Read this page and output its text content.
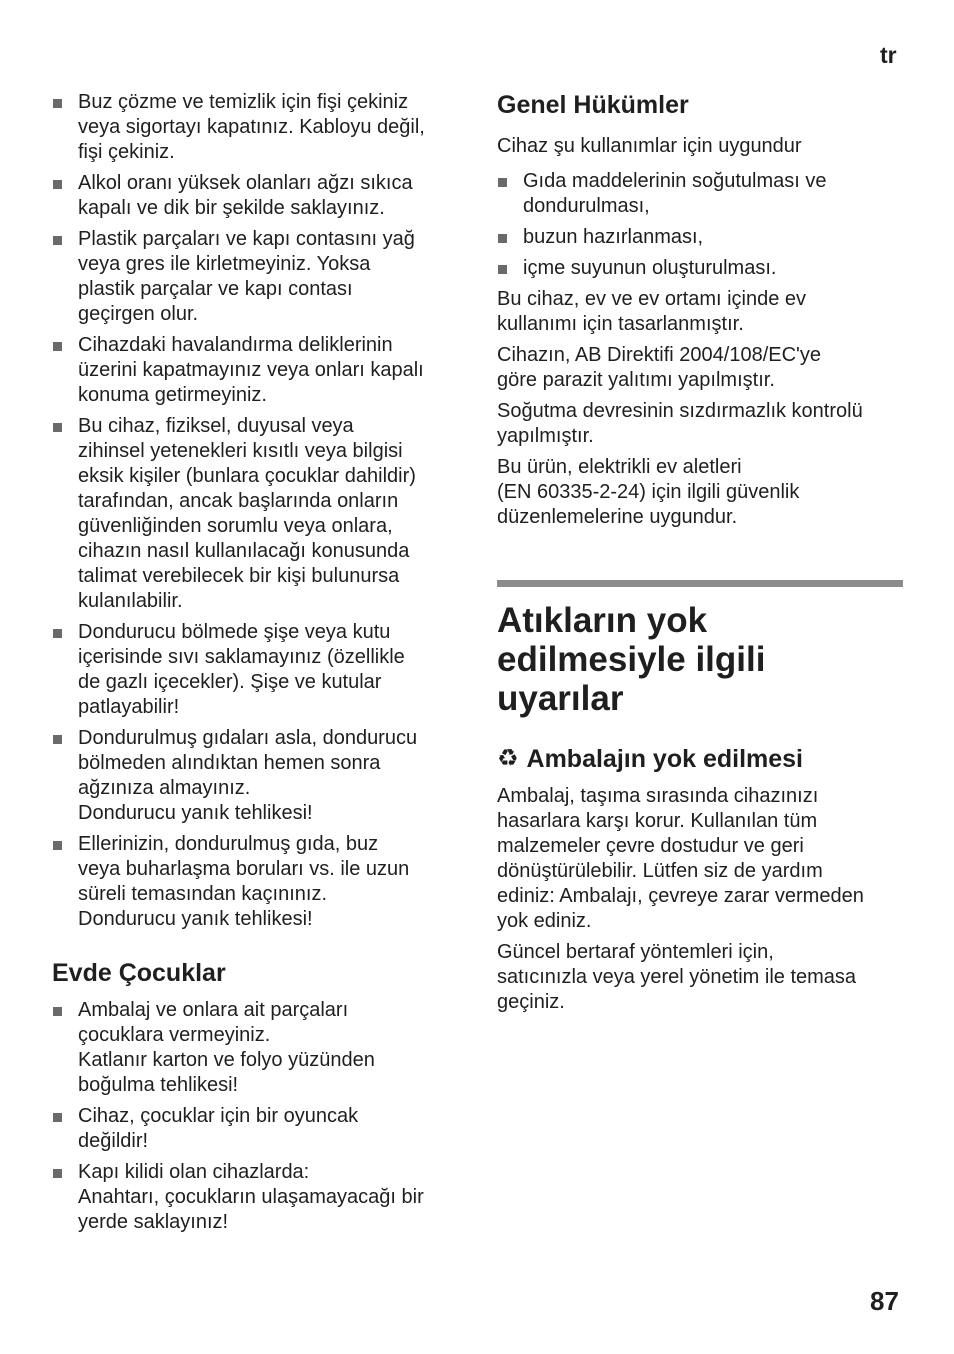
tr
Buz çözme ve temizlik için fişi çekiniz
veya sigortayı kapatınız. Kabloyu değil,
fişi çekiniz.
Alkol oranı yüksek olanları ağzı sıkıca
kapalı ve dik bir şekilde saklayınız.
Plastik parçaları ve kapı contasını yağ
veya gres ile kirletmeyiniz. Yoksa
plastik parçalar ve kapı contası
geçirgen olur.
Cihazdaki havalandırma deliklerinin
üzerini kapatmayınız veya onları kapalı
konuma getirmeyiniz.
Bu cihaz, fiziksel, duyusal veya
zihinsel yetenekleri kısıtlı veya bilgisi
eksik kişiler (bunlara çocuklar dahildir)
tarafından, ancak başlarında onların
güvenliğinden sorumlu veya onlara,
cihazın nasıl kullanılacağı konusunda
talimat verebilecek bir kişi bulunursa
kulanılabilir.
Dondurucu bölmede şişe veya kutu
içerisinde sıvı saklamayınız (özellikle
de gazlı içecekler). Şişe ve kutular
patlayabilir!
Dondurulmuş gıdaları asla, dondurucu
bölmeden alındıktan hemen sonra
ağzınıza almayınız.
Dondurucu yanık tehlikesi!
Ellerinizin, dondurulmuş gıda, buz
veya buharlaşma boruları vs. ile uzun
süreli temasından kaçınınız.
Dondurucu yanık tehlikesi!
Evde Çocuklar
Ambalaj ve onlara ait parçaları
çocuklara vermeyiniz.
Katlanır karton ve folyo yüzünden
boğulma tehlikesi!
Cihaz, çocuklar için bir oyuncak
değildir!
Kapı kilidi olan cihazlarda:
Anahtarı, çocukların ulaşamayacağı bir
yerde saklayınız!
Genel Hükümler

Cihaz şu kullanımlar için uygundur

Gıda maddelerinin soğutulması ve
dondurulması,
buzun hazırlanması,
içme suyunun oluşturulması.

Bu cihaz, ev ve ev ortamı içinde ev
kullanımı için tasarlanmıştır.

Cihazın, AB Direktifi 2004/108/EC'ye
göre parazit yalıtımı yapılmıştır.

Soğutma devresinin sızdırmazlık kontrolü
yapılmıştır.

Bu ürün, elektrikli ev aletleri
(EN 60335-2-24) için ilgili güvenlik
düzenlemelerine uygundur.

Atıkların yok
edilmesiyle ilgili
uyarılar
♻ Ambalajın yok edilmesi

Ambalaj, taşıma sırasında cihazınızı
hasarlara karşı korur. Kullanılan tüm
malzemeler çevre dostudur ve geri
dönüştürülebilir. Lütfen siz de yardım
ediniz: Ambalajı, çevreye zarar vermeden
yok ediniz.

Güncel bertaraf yöntemleri için,
satıcınızla veya yerel yönetim ile temasa
geçiniz.

87
